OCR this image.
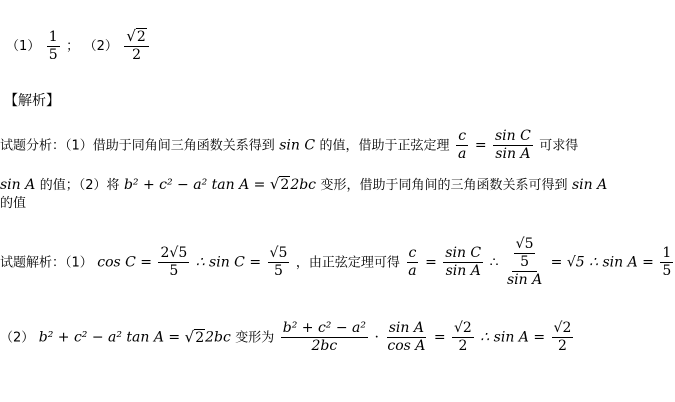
$(1) \frac{1}{5}$ ； $(2) \frac{√2}{2}$
【解析】
试题分析：（1）借助于同角间三角函数关系得到 sin C 的值，借助于正弦定理 $\frac{c}{a} = \frac{\text{sin C}}{\text{sin A}}$ 可求得
sin A 的值；（2）将 b² + c² − a² tan A = √22bc 变形，借助于同角间的三角函数关系可得到 sin A
的值
试题解析：（1） $\cos C = \frac{2√5}{5}$ ∴ $\sin C = \frac{√5}{5}$ ，由正弦定理可得 $\frac{c}{a} = \frac{\text{sin C}}{\text{sin A}}$ ∴ $\frac{\frac{√5}{5}}{\text{sin A}} = √5$ ∴ $\sin A = \frac{1}{5}$
（2） b² + c² − a² tan A = √22bc 变形为 $\frac{\text{b² + c² − a²}}{2bc} \cdot \frac{\text{sin A}}{\text{cos A}} = \frac{√2}{2}$ ∴ $\sin A = \frac{√2}{2}$
